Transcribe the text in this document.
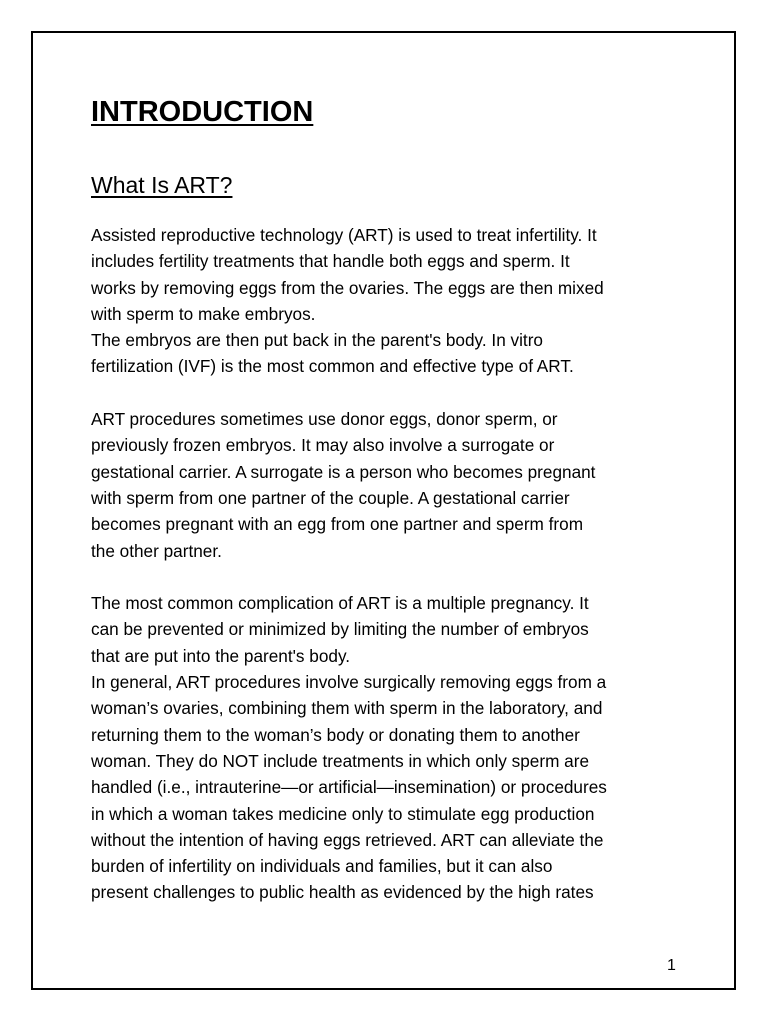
INTRODUCTION
What Is ART?

Assisted reproductive technology (ART) is used to treat infertility. It

includes fertility treatments that handle both eggs and sperm. It

works by removing eggs from the ovaries. The eggs are then mixed

with sperm to make embryos.

The embryos are then put back in the parent's body. In vitro

fertilization (IVF) is the most common and effective type of ART.

ART procedures sometimes use donor eggs, donor sperm, or

previously frozen embryos. It may also involve a surrogate or

gestational carrier. A surrogate is a person who becomes pregnant

with sperm from one partner of the couple. A gestational carrier

becomes pregnant with an egg from one partner and sperm from

the other partner.

The most common complication of ART is a multiple pregnancy. It

can be prevented or minimized by limiting the number of embryos

that are put into the parent's body.

In general, ART procedures involve surgically removing eggs from a

woman’s ovaries, combining them with sperm in the laboratory, and

returning them to the woman’s body or donating them to another

woman. They do NOT include treatments in which only sperm are

handled (i.e., intrauterine—or artificial—insemination) or procedures

in which a woman takes medicine only to stimulate egg production

without the intention of having eggs retrieved. ART can alleviate the

burden of infertility on individuals and families, but it can also

present challenges to public health as evidenced by the high rates

1
